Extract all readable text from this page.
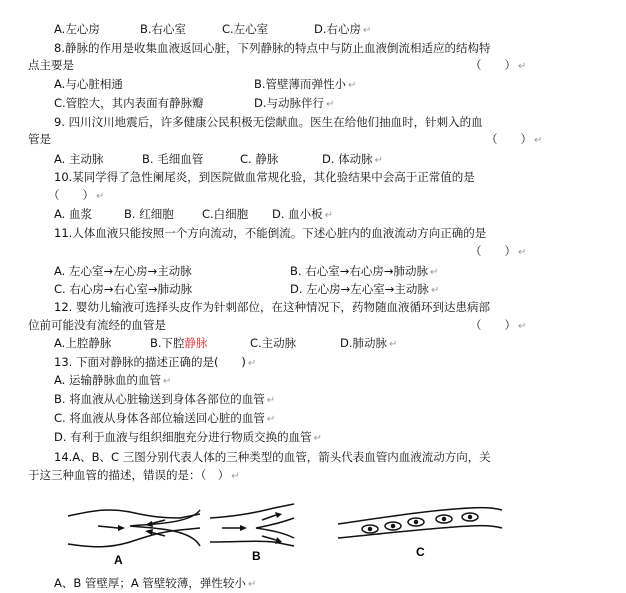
A.左心房	B.右心室	C.左心室	D.右心房 ↵
8.静脉的作用是收集血液返回心脏，下列静脉的特点中与防止血液倒流相适应的结构特
点主要是	（　　） ↵
A.与心脏相通	B.管壁薄而弹性小 ↵
C.管腔大，其内表面有静脉瓣	D.与动脉伴行 ↵
9. 四川汶川地震后，许多健康公民积极无偿献血。医生在给他们抽血时，针刺入的血
管是	（　　） ↵
A. 主动脉	B. 毛细血管	C. 静脉	D. 体动脉 ↵
10.某同学得了急性阑尾炎，到医院做血常规化验，其化验结果中会高于正常值的是
（　　） ↵
A. 血浆	B. 红细胞 C.白细胞 D. 血小板 ↵
11.人体血液只能按照一个方向流动，不能倒流。下述心脏内的血液流动方向正确的是
（　　） ↵
A. 左心室→左心房→主动脉	B. 右心室→右心房→肺动脉 ↵
C. 右心房→右心室→肺动脉	D. 左心房→左心室→主动脉 ↵
12. 婴幼儿输液可选择头皮作为针刺部位，在这种情况下，药物随血液循环到达患病部
位前可能没有流经的血管是	（　　） ↵
A.上腔静脉	B.下腔静脉	C.主动脉	D.肺动脉 ↵
13. 下面对静脉的描述正确的是(　　) ↵
A. 运输静脉血的血管 ↵
B. 将血液从心脏输送到身体各部位的血管 ↵
C. 将血液从身体各部位输送回心脏的血管 ↵
D. 有利于血液与组织细胞充分进行物质交换的血管 ↵
14.A、B、C 三图分别代表人体的三种类型的血管，箭头代表血管内血液流动方向，关
于这三种血管的描述，错误的是：（　） ↵
A	B	C
A、B 管壁厚；A 管壁较薄，弹性较小 ↵
